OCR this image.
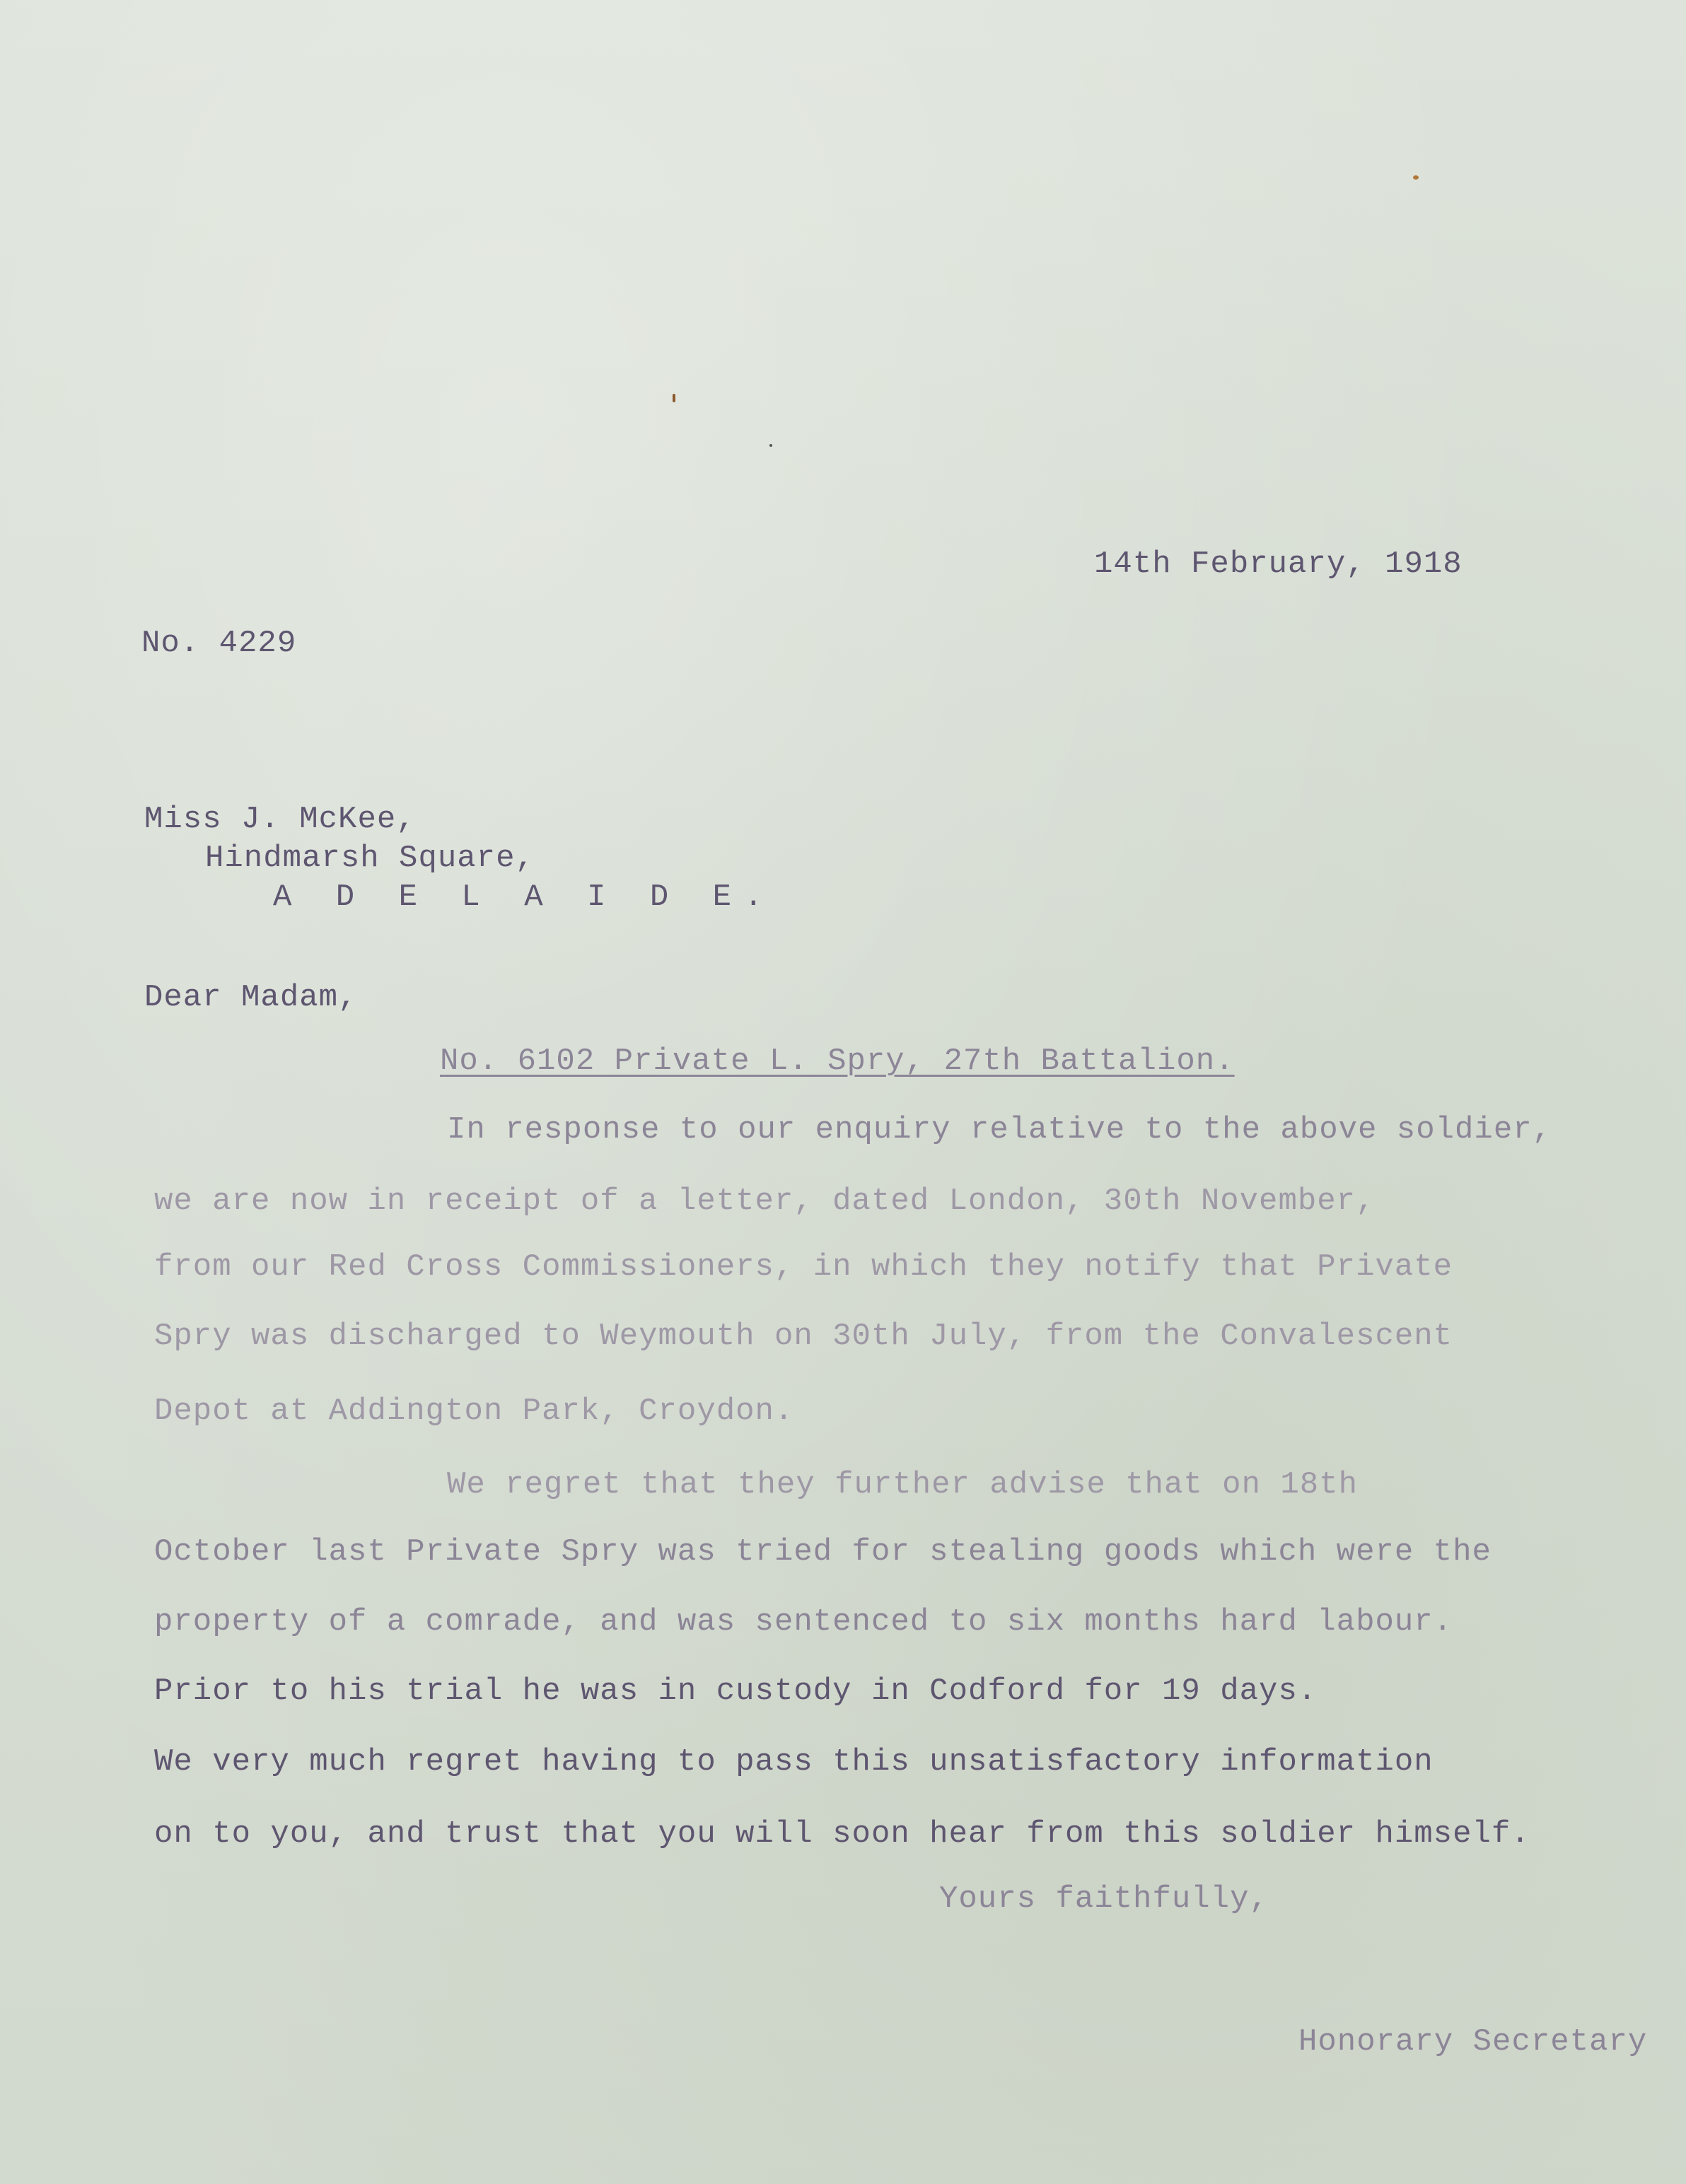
14th February, 1918
No. 4229
Miss J. McKee,
Hindmarsh Square,
A D E L A I D E.
Dear Madam,
No. 6102 Private L. Spry, 27th Battalion.
In response to our enquiry relative to the above soldier,
we are now in receipt of a letter, dated London, 30th November,
from our Red Cross Commissioners, in which they notify that Private
Spry was discharged to Weymouth on 30th July, from the Convalescent
Depot at Addington Park, Croydon.
We regret that they further advise that on 18th
October last Private Spry was tried for stealing goods which were the
property of a comrade, and was sentenced to six months hard labour.
Prior to his trial he was in custody in Codford for 19 days.
We very much regret having to pass this unsatisfactory information
on to you, and trust that you will soon hear from this soldier himself.
Yours faithfully,
Honorary Secretary
